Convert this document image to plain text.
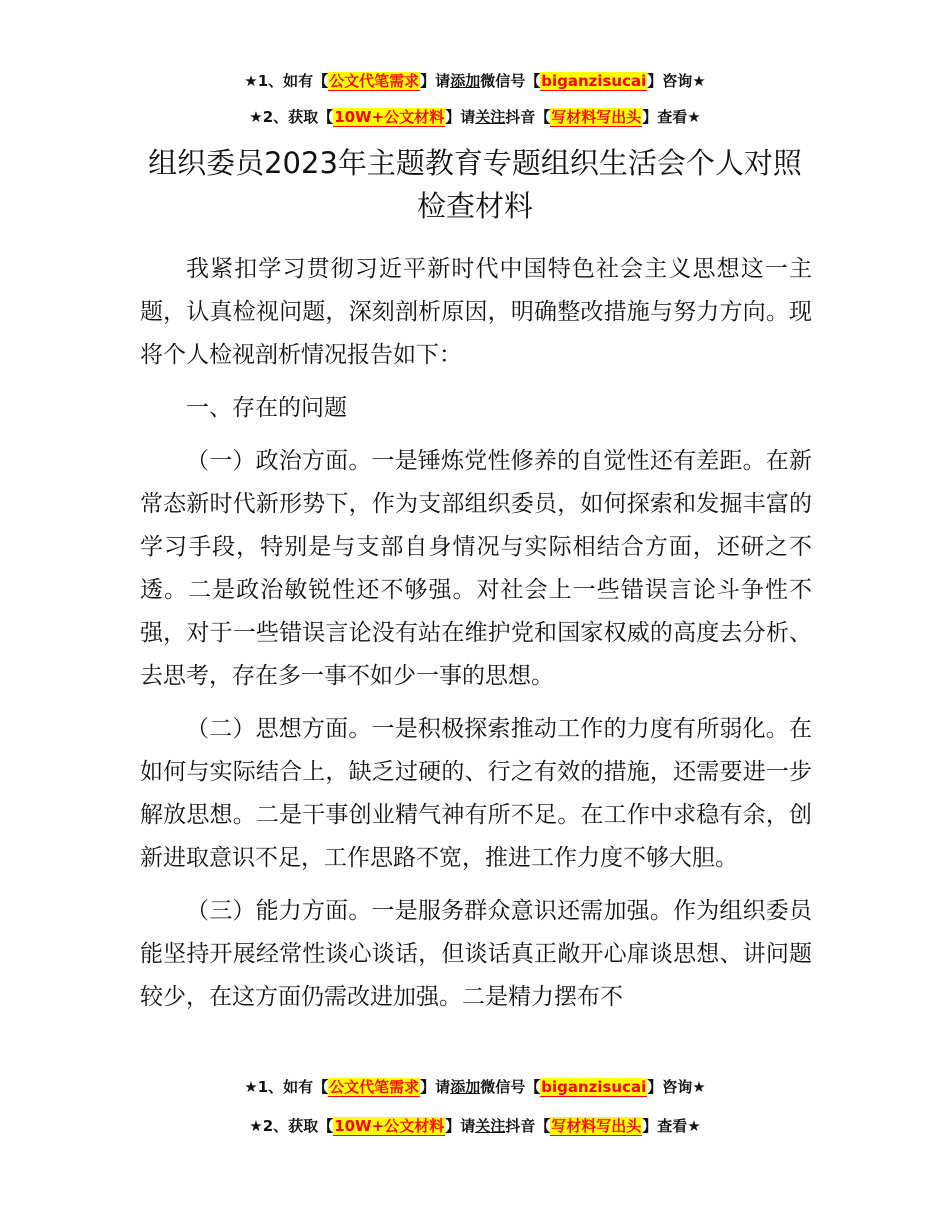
★1、如有【公文代笔需求】请添加微信号【biganzisucai】咨询★
★2、获取【10W+公文材料】请关注抖音【写材料写出头】查看★
组织委员2023年主题教育专题组织生活会个人对照检查材料

我紧扣学习贯彻习近平新时代中国特色社会主义思想这一主题，认真检视问题，深刻剖析原因，明确整改措施与努力方向。现将个人检视剖析情况报告如下：

一、存在的问题

（一）政治方面。一是锤炼党性修养的自觉性还有差距。在新常态新时代新形势下，作为支部组织委员，如何探索和发掘丰富的学习手段，特别是与支部自身情况与实际相结合方面，还研之不透。二是政治敏锐性还不够强。对社会上一些错误言论斗争性不强，对于一些错误言论没有站在维护党和国家权威的高度去分析、去思考，存在多一事不如少一事的思想。

（二）思想方面。一是积极探索推动工作的力度有所弱化。在如何与实际结合上，缺乏过硬的、行之有效的措施，还需要进一步解放思想。二是干事创业精气神有所不足。在工作中求稳有余，创新进取意识不足，工作思路不宽，推进工作力度不够大胆。

（三）能力方面。一是服务群众意识还需加强。作为组织委员能坚持开展经常性谈心谈话，但谈话真正敞开心扉谈思想、讲问题较少，在这方面仍需改进加强。二是精力摆布不

★1、如有【公文代笔需求】请添加微信号【biganzisucai】咨询★
★2、获取【10W+公文材料】请关注抖音【写材料写出头】查看★
